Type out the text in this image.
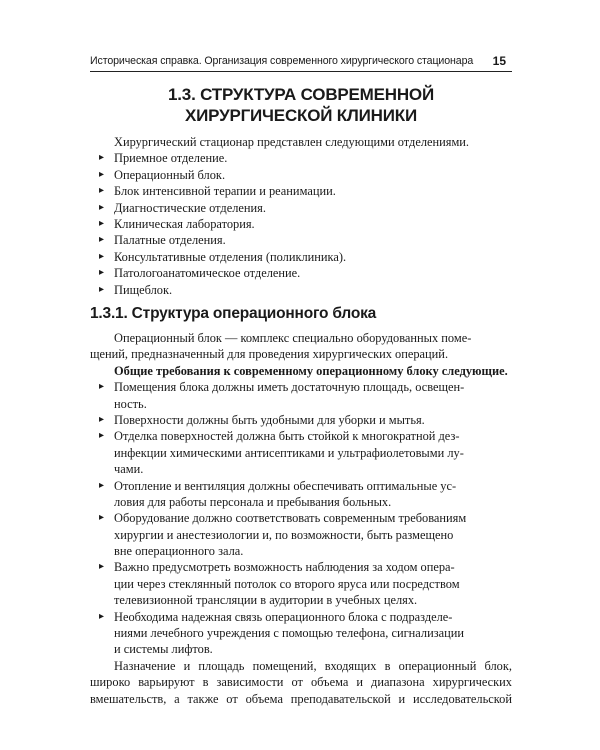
Историческая справка. Организация современного хирургического стационара 15
1.3. СТРУКТУРА СОВРЕМЕННОЙ
ХИРУРГИЧЕСКОЙ КЛИНИКИ
Хирургический стационар представлен следующими отделениями.
▸ Приемное отделение.
▸ Операционный блок.
▸ Блок интенсивной терапии и реанимации.
▸ Диагностические отделения.
▸ Клиническая лаборатория.
▸ Палатные отделения.
▸ Консультативные отделения (поликлиника).
▸ Патологоанатомическое отделение.
▸ Пищеблок.
1.3.1. Структура операционного блока
Операционный блок — комплекс специально оборудованных поме-
щений, предназначенный для проведения хирургических операций.
Общие требования к современному операционному блоку следующие.
▸ Помещения блока должны иметь достаточную площадь, освещен-
ность.
▸ Поверхности должны быть удобными для уборки и мытья.
▸ Отделка поверхностей должна быть стойкой к многократной дез-
инфекции химическими антисептиками и ультрафиолетовыми лу-
чами.
▸ Отопление и вентиляция должны обеспечивать оптимальные ус-
ловия для работы персонала и пребывания больных.
▸ Оборудование должно соответствовать современным требованиям
хирургии и анестезиологии и, по возможности, быть размещено
вне операционного зала.
▸ Важно предусмотреть возможность наблюдения за ходом опера-
ции через стеклянный потолок со второго яруса или посредством
телевизионной трансляции в аудитории в учебных целях.
▸ Необходима надежная связь операционного блока с подразделе-
ниями лечебного учреждения с помощью телефона, сигнализации
и системы лифтов.
Назначение и площадь помещений, входящих в операционный блок,
широко варьируют в зависимости от объема и диапазона хирургических
вмешательств, а также от объема преподавательской и исследовательской
